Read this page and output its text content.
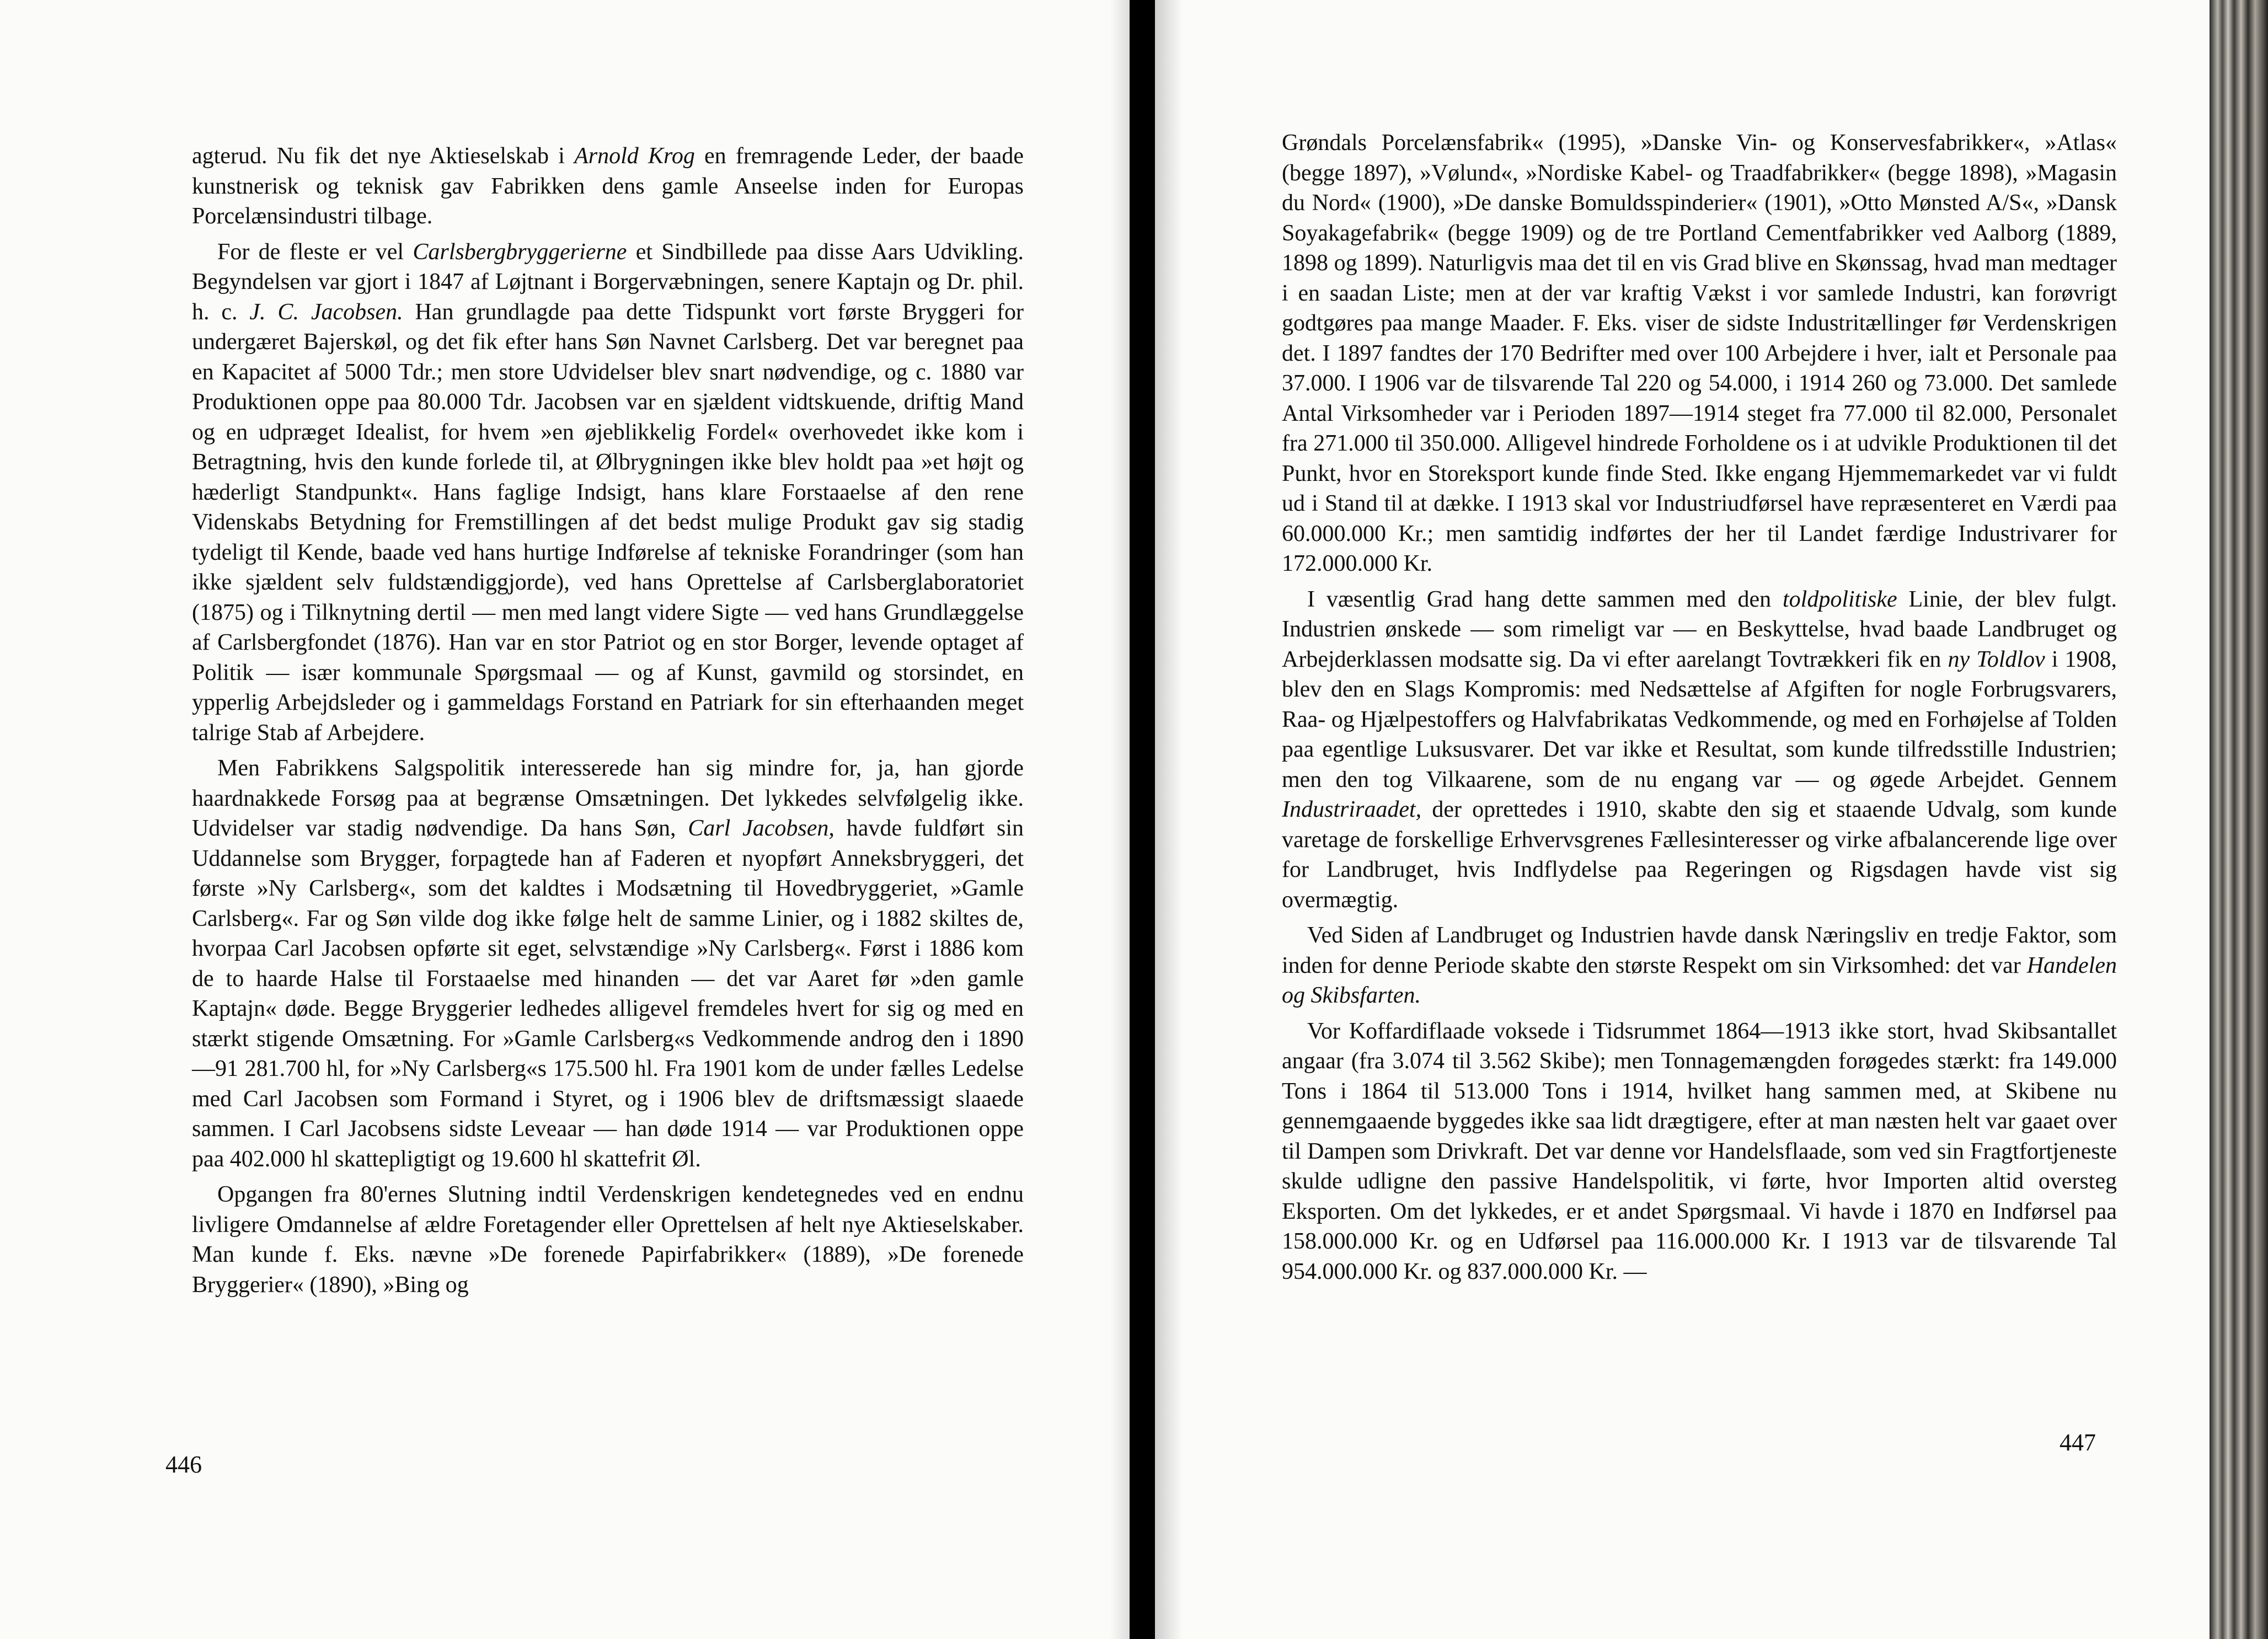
agterud. Nu fik det nye Aktieselskab i Arnold Krog en fremragende Leder, der baade kunstnerisk og teknisk gav Fabrikken dens gamle Anseelse inden for Europas Porcelænsindustri tilbage.

For de fleste er vel Carlsbergbryggerierne et Sindbillede paa disse Aars Udvikling. Begyndelsen var gjort i 1847 af Løjtnant i Borgervæbningen, senere Kaptajn og Dr. phil. h. c. J. C. Jacobsen. Han grundlagde paa dette Tidspunkt vort første Bryggeri for undergæret Bajerskøl, og det fik efter hans Søn Navnet Carlsberg. Det var beregnet paa en Kapacitet af 5000 Tdr.; men store Udvidelser blev snart nødvendige, og c. 1880 var Produktionen oppe paa 80.000 Tdr. Jacobsen var en sjældent vidtskuende, driftig Mand og en udpræget Idealist, for hvem »en øjeblikkelig Fordel« overhovedet ikke kom i Betragtning, hvis den kunde forlede til, at Ølbrygningen ikke blev holdt paa »et højt og hæderligt Standpunkt«. Hans faglige Indsigt, hans klare Forstaaelse af den rene Videnskabs Betydning for Fremstillingen af det bedst mulige Produkt gav sig stadig tydeligt til Kende, baade ved hans hurtige Indførelse af tekniske Forandringer (som han ikke sjældent selv fuldstændiggjorde), ved hans Oprettelse af Carlsberglaboratoriet (1875) og i Tilknytning dertil — men med langt videre Sigte — ved hans Grundlæggelse af Carlsbergfondet (1876). Han var en stor Patriot og en stor Borger, levende optaget af Politik — især kommunale Spørgsmaal — og af Kunst, gavmild og storsindet, en ypperlig Arbejdsleder og i gammeldags Forstand en Patriark for sin efterhaanden meget talrige Stab af Arbejdere.

Men Fabrikkens Salgspolitik interesserede han sig mindre for, ja, han gjorde haardnakkede Forsøg paa at begrænse Omsætningen. Det lykkedes selvfølgelig ikke. Udvidelser var stadig nødvendige. Da hans Søn, Carl Jacobsen, havde fuldført sin Uddannelse som Brygger, forpagtede han af Faderen et nyopført Anneksbryggeri, det første »Ny Carlsberg«, som det kaldtes i Modsætning til Hovedbryggeriet, »Gamle Carlsberg«. Far og Søn vilde dog ikke følge helt de samme Linier, og i 1882 skiltes de, hvorpaa Carl Jacobsen opførte sit eget, selvstændige »Ny Carlsberg«. Først i 1886 kom de to haarde Halse til Forstaaelse med hinanden — det var Aaret før »den gamle Kaptajn« døde. Begge Bryggerier ledhedes alligevel fremdeles hvert for sig og med en stærkt stigende Omsætning. For »Gamle Carlsberg«s Vedkommende androg den i 1890—91 281.700 hl, for »Ny Carlsberg«s 175.500 hl. Fra 1901 kom de under fælles Ledelse med Carl Jacobsen som Formand i Styret, og i 1906 blev de driftsmæssigt slaaede sammen. I Carl Jacobsens sidste Leveaar — han døde 1914 — var Produktionen oppe paa 402.000 hl skattepligtigt og 19.600 hl skattefrit Øl.

Opgangen fra 80'ernes Slutning indtil Verdenskrigen kendetegnedes ved en endnu livligere Omdannelse af ældre Foretagender eller Oprettelsen af helt nye Aktieselskaber. Man kunde f. Eks. nævne »De forenede Papirfabrikker« (1889), »De forenede Bryggerier« (1890), »Bing og

446

Grøndals Porcelænsfabrik« (1995), »Danske Vin- og Konservesfabrikker«, »Atlas« (begge 1897), »Vølund«, »Nordiske Kabel- og Traadfabrikker« (begge 1898), »Magasin du Nord« (1900), »De danske Bomuldsspinderier« (1901), »Otto Mønsted A/S«, »Dansk Soyakagefabrik« (begge 1909) og de tre Portland Cementfabrikker ved Aalborg (1889, 1898 og 1899). Naturligvis maa det til en vis Grad blive en Skønssag, hvad man medtager i en saadan Liste; men at der var kraftig Vækst i vor samlede Industri, kan forøvrigt godtgøres paa mange Maader. F. Eks. viser de sidste Industritællinger før Verdenskrigen det. I 1897 fandtes der 170 Bedrifter med over 100 Arbejdere i hver, ialt et Personale paa 37.000. I 1906 var de tilsvarende Tal 220 og 54.000, i 1914 260 og 73.000. Det samlede Antal Virksomheder var i Perioden 1897—1914 steget fra 77.000 til 82.000, Personalet fra 271.000 til 350.000. Alligevel hindrede Forholdene os i at udvikle Produktionen til det Punkt, hvor en Storeksport kunde finde Sted. Ikke engang Hjemmemarkedet var vi fuldt ud i Stand til at dække. I 1913 skal vor Industriudførsel have repræsenteret en Værdi paa 60.000.000 Kr.; men samtidig indførtes der her til Landet færdige Industrivarer for 172.000.000 Kr.

I væsentlig Grad hang dette sammen med den toldpolitiske Linie, der blev fulgt. Industrien ønskede — som rimeligt var — en Beskyttelse, hvad baade Landbruget og Arbejderklassen modsatte sig. Da vi efter aarelangt Tovtrækkeri fik en ny Toldlov i 1908, blev den en Slags Kompromis: med Nedsættelse af Afgiften for nogle Forbrugsvarers, Raa- og Hjælpestoffers og Halvfabrikatas Vedkommende, og med en Forhøjelse af Tolden paa egentlige Luksusvarer. Det var ikke et Resultat, som kunde tilfredsstille Industrien; men den tog Vilkaarene, som de nu engang var — og øgede Arbejdet. Gennem Industriraadet, der oprettedes i 1910, skabte den sig et staaende Udvalg, som kunde varetage de forskellige Erhvervsgrenes Fællesinteresser og virke afbalancerende lige over for Landbruget, hvis Indflydelse paa Regeringen og Rigsdagen havde vist sig overmægtig.

Ved Siden af Landbruget og Industrien havde dansk Næringsliv en tredje Faktor, som inden for denne Periode skabte den største Respekt om sin Virksomhed: det var Handelen og Skibsfarten.

Vor Koffardiflaade voksede i Tidsrummet 1864—1913 ikke stort, hvad Skibsantallet angaar (fra 3.074 til 3.562 Skibe); men Tonnagemængden forøgedes stærkt: fra 149.000 Tons i 1864 til 513.000 Tons i 1914, hvilket hang sammen med, at Skibene nu gennemgaaende byggedes ikke saa lidt drægtigere, efter at man næsten helt var gaaet over til Dampen som Drivkraft. Det var denne vor Handelsflaade, som ved sin Fragtfortjeneste skulde udligne den passive Handelspolitik, vi førte, hvor Importen altid oversteg Eksporten. Om det lykkedes, er et andet Spørgsmaal. Vi havde i 1870 en Indførsel paa 158.000.000 Kr. og en Udførsel paa 116.000.000 Kr. I 1913 var de tilsvarende Tal 954.000.000 Kr. og 837.000.000 Kr. —

447
